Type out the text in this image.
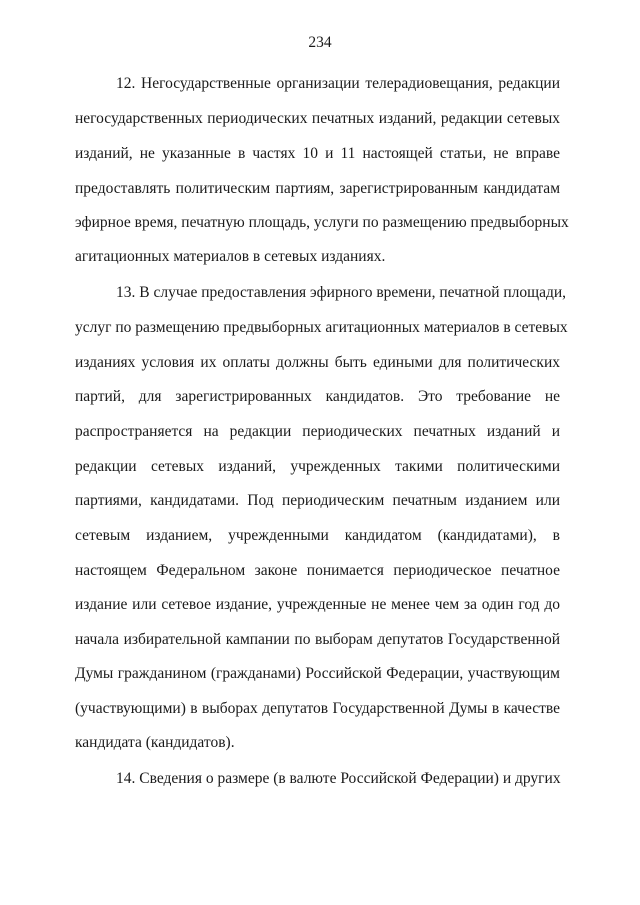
234
12. Негосударственные организации телерадиовещания, редакции
негосударственных периодических печатных изданий, редакции сетевых
изданий, не указанные в частях 10 и 11 настоящей статьи, не вправе
предоставлять политическим партиям, зарегистрированным кандидатам
эфирное время, печатную площадь, услуги по размещению предвыборных
агитационных материалов в сетевых изданиях.
13. В случае предоставления эфирного времени, печатной площади,
услуг по размещению предвыборных агитационных материалов в сетевых
изданиях условия их оплаты должны быть едиными для политических
партий, для зарегистрированных кандидатов. Это требование не
распространяется на редакции периодических печатных изданий и
редакции сетевых изданий, учрежденных такими политическими
партиями, кандидатами. Под периодическим печатным изданием или
сетевым изданием, учрежденными кандидатом (кандидатами), в
настоящем Федеральном законе понимается периодическое печатное
издание или сетевое издание, учрежденные не менее чем за один год до
начала избирательной кампании по выборам депутатов Государственной
Думы гражданином (гражданами) Российской Федерации, участвующим
(участвующими) в выборах депутатов Государственной Думы в качестве
кандидата (кандидатов).
14. Сведения о размере (в валюте Российской Федерации) и других
